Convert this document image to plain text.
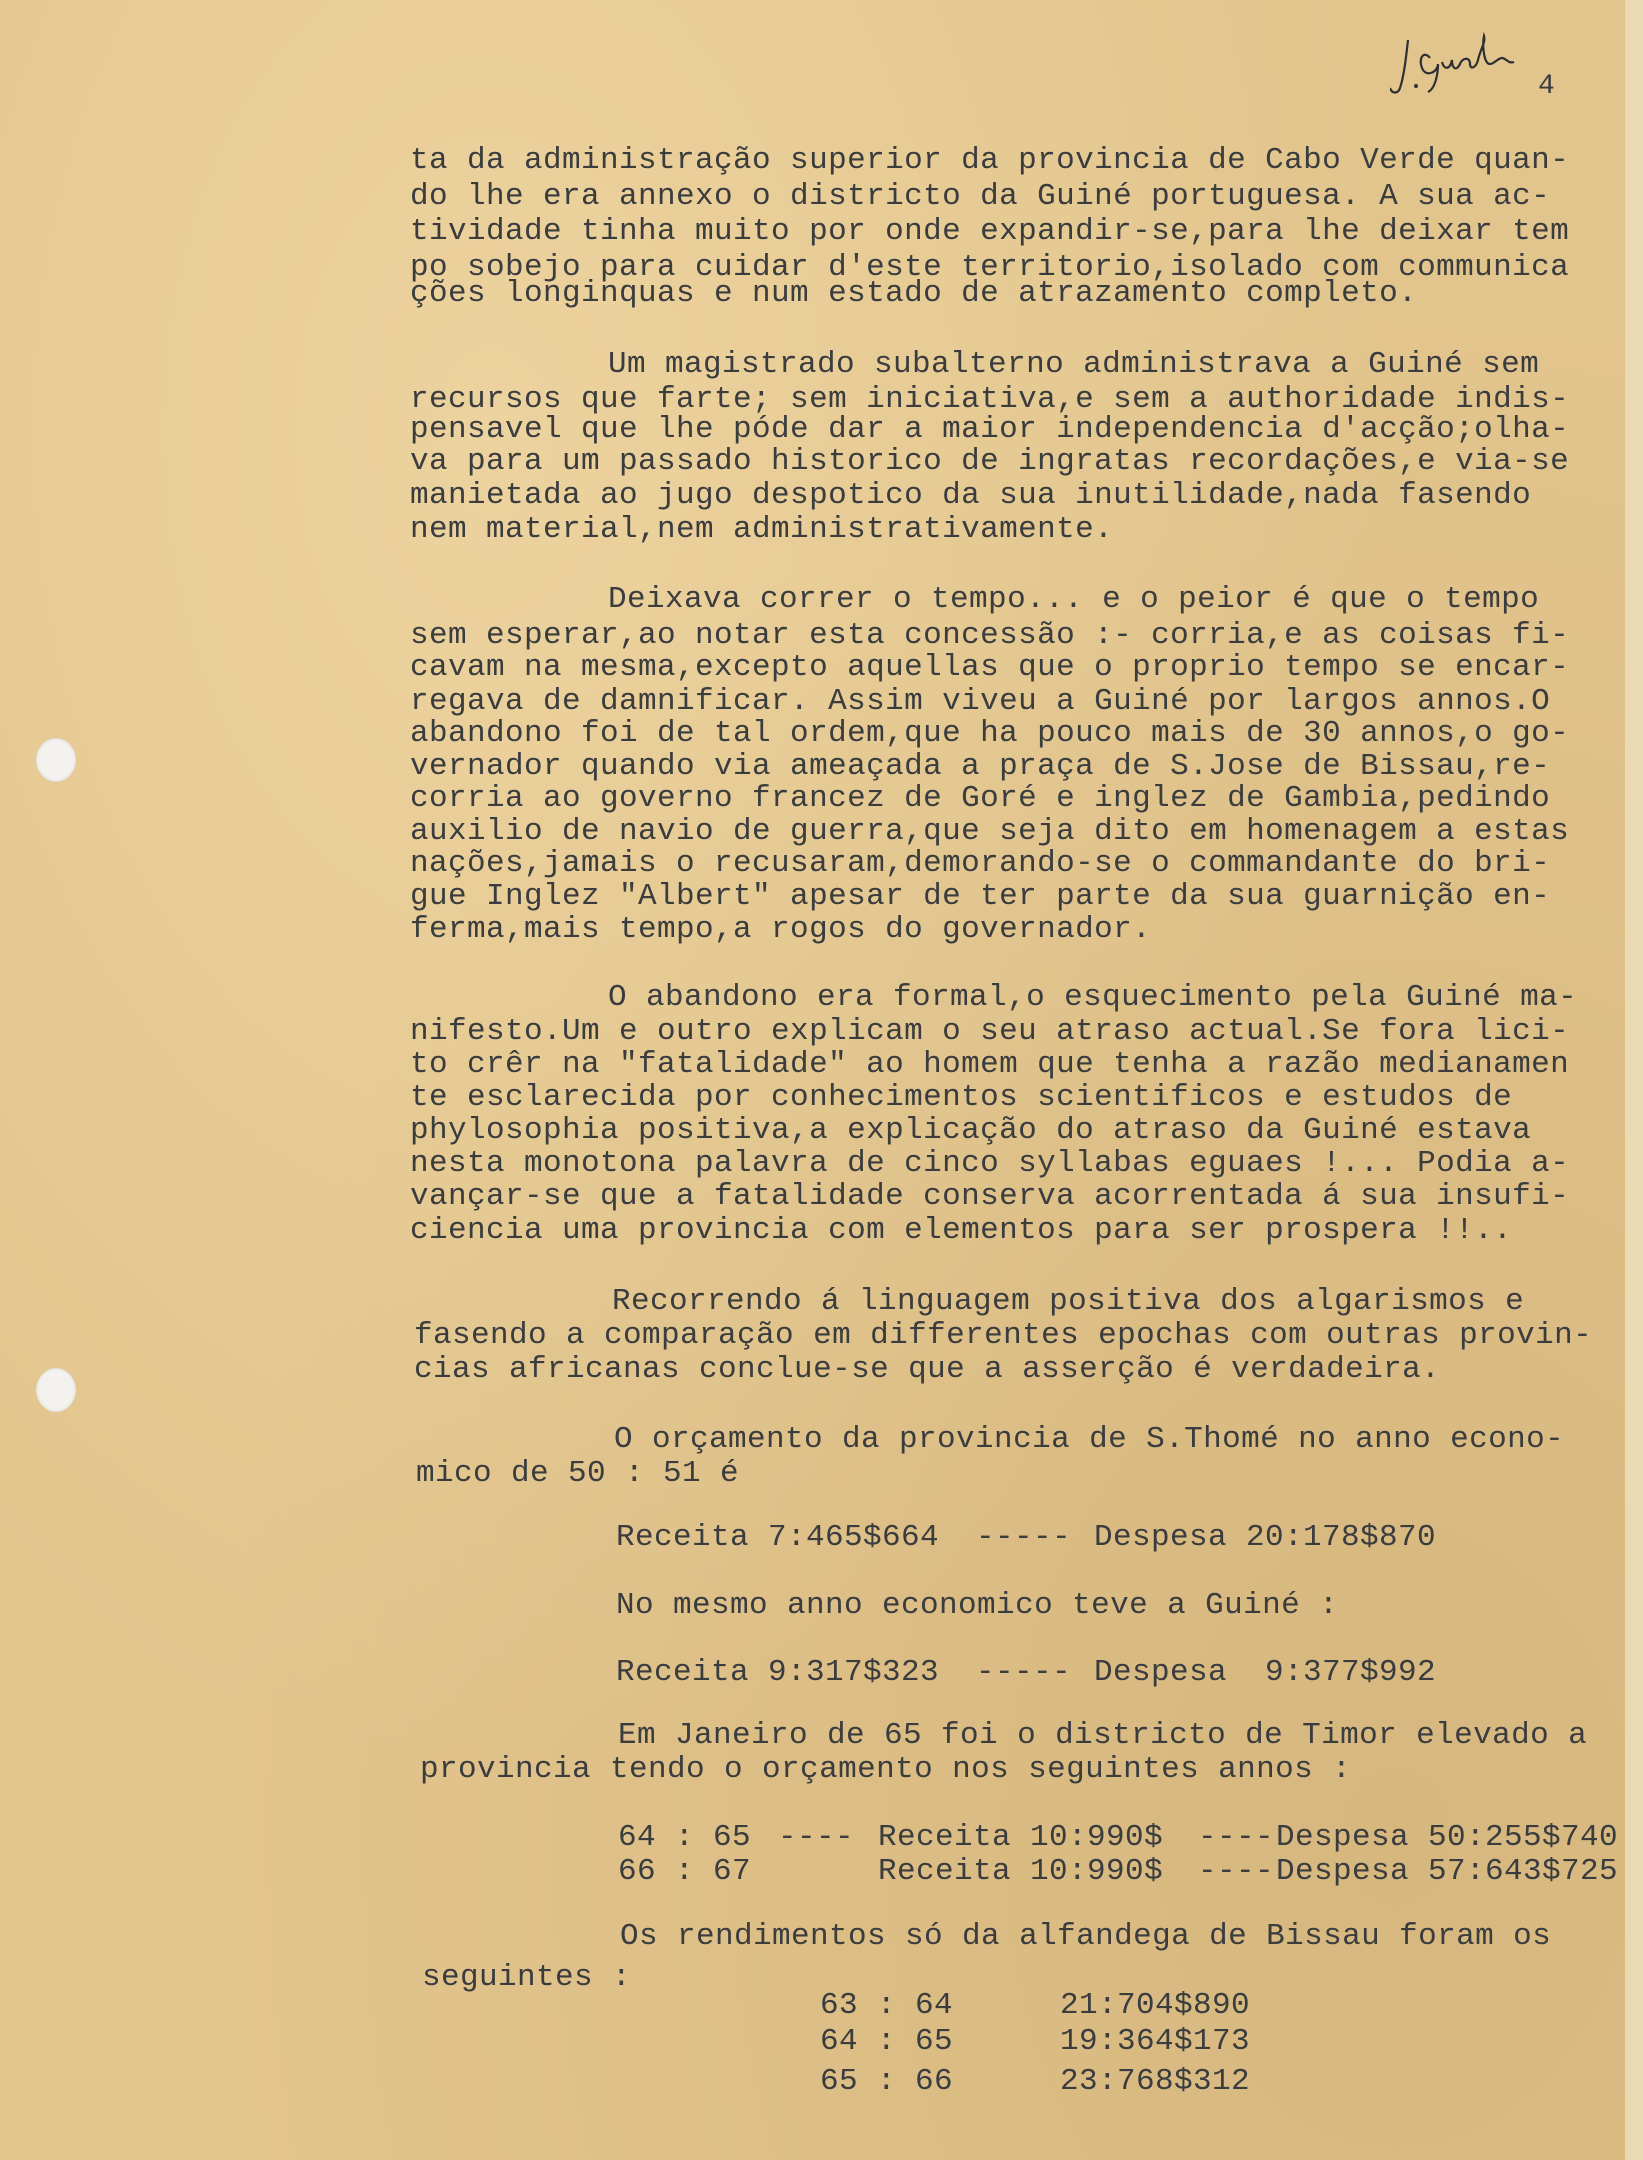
4
ta da administração superior da provincia de Cabo Verde quan-
do lhe era annexo o districto da Guiné portuguesa. A sua ac-
tividade tinha muito por onde expandir-se,para lhe deixar tem
po sobejo para cuidar d'este territorio,isolado com communica
ções longinquas e num estado de atrazamento completo.
Um magistrado subalterno administrava a Guiné sem
recursos que farte; sem iniciativa,e sem a authoridade indis-
pensavel que lhe póde dar a maior independencia d'acção;olha-
va para um passado historico de ingratas recordações,e via-se
manietada ao jugo despotico da sua inutilidade,nada fasendo
nem material,nem administrativamente.
Deixava correr o tempo... e o peior é que o tempo
sem esperar,ao notar esta concessão :- corria,e as coisas fi-
cavam na mesma,excepto aquellas que o proprio tempo se encar-
regava de damnificar. Assim viveu a Guiné por largos annos.O
abandono foi de tal ordem,que ha pouco mais de 30 annos,o go-
vernador quando via ameaçada a praça de S.Jose de Bissau,re-
corria ao governo francez de Goré e inglez de Gambia,pedindo
auxilio de navio de guerra,que seja dito em homenagem a estas
nações,jamais o recusaram,demorando-se o commandante do bri-
gue Inglez "Albert" apesar de ter parte da sua guarnição en-
ferma,mais tempo,a rogos do governador.
O abandono era formal,o esquecimento pela Guiné ma-
nifesto.Um e outro explicam o seu atraso actual.Se fora lici-
to crêr na "fatalidade" ao homem que tenha a razão medianamen
te esclarecida por conhecimentos scientificos e estudos de
phylosophia positiva,a explicação do atraso da Guiné estava
nesta monotona palavra de cinco syllabas eguaes !... Podia a-
vançar-se que a fatalidade conserva acorrentada á sua insufi-
ciencia uma provincia com elementos para ser prospera !!..
Recorrendo á linguagem positiva dos algarismos e
fasendo a comparação em differentes epochas com outras provin-
cias africanas conclue-se que a asserção é verdadeira.
O orçamento da provincia de S.Thomé no anno econo-
mico de 50 : 51 é
Receita 7:465$664 ----- Despesa 20:178$870
No mesmo anno economico teve a Guiné :
Receita 9:317$323 ----- Despesa  9:377$992
Em Janeiro de 65 foi o districto de Timor elevado a
provincia tendo o orçamento nos seguintes annos :
64 : 65 ---- Receita 10:990$ ---- Despesa 50:255$740
66 : 67	Receita 10:990$ ---- Despesa 57:643$725
Os rendimentos só da alfandega de Bissau foram os
seguintes :
63 : 64	21:704$890
64 : 65	19:364$173
65 : 66	23:768$312
